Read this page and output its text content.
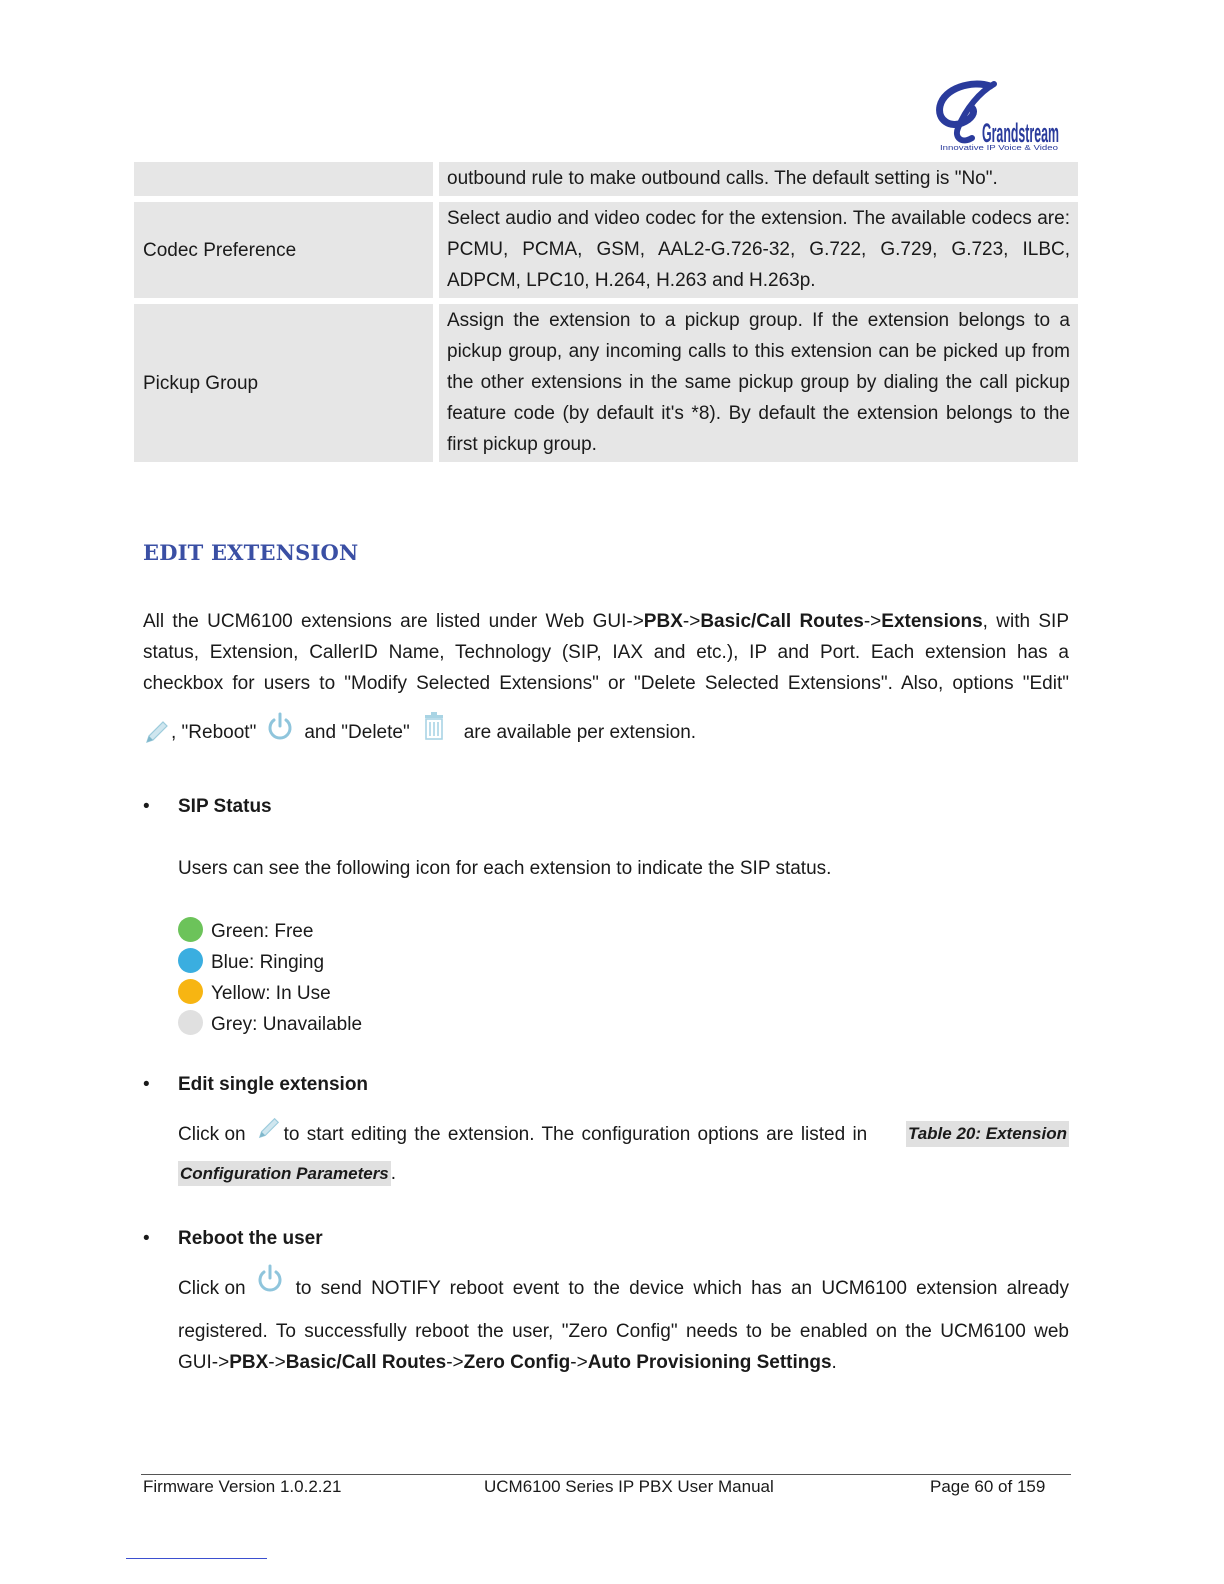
Grandstream
Innovative IP Voice & Video

		outbound rule to make outbound calls. The default setting is "No".

Codec Preference		Select audio and video codec for the extension. The available codecs are: PCMU, PCMA, GSM, AAL2-G.726-32, G.722, G.729, G.723, ILBC, ADPCM, LPC10, H.264, H.263 and H.263p.

Pickup Group		Assign the extension to a pickup group. If the extension belongs to a pickup group, any incoming calls to this extension can be picked up from the other extensions in the same pickup group by dialing the call pickup feature code (by default it's *8). By default the extension belongs to the first pickup group.
EDIT EXTENSION
All the UCM6100 extensions are listed under Web GUI->PBX->Basic/Call Routes->Extensions, with SIP status, Extension, CallerID Name, Technology (SIP, IAX and etc.), IP and Port. Each extension has a checkbox for users to "Modify Selected Extensions" or "Delete Selected Extensions". Also, options "Edit"
, "Reboot"	and "Delete"	are available per extension.
• SIP Status
Users can see the following icon for each extension to indicate the SIP status.
Green: Free
Blue: Ringing
Yellow: In Use
Grey: Unavailable
• Edit single extension
Click on to start editing the extension. The configuration options are listed in Table 20: Extension
Configuration Parameters .
• Reboot the user
Click on	to send NOTIFY reboot event to the device which has an UCM6100 extension already
registered. To successfully reboot the user, "Zero Config" needs to be enabled on the UCM6100 web
GUI->PBX->Basic/Call Routes->Zero Config->Auto Provisioning Settings.
Firmware Version 1.0.2.21	UCM6100 Series IP PBX User Manual	Page 60 of 159
